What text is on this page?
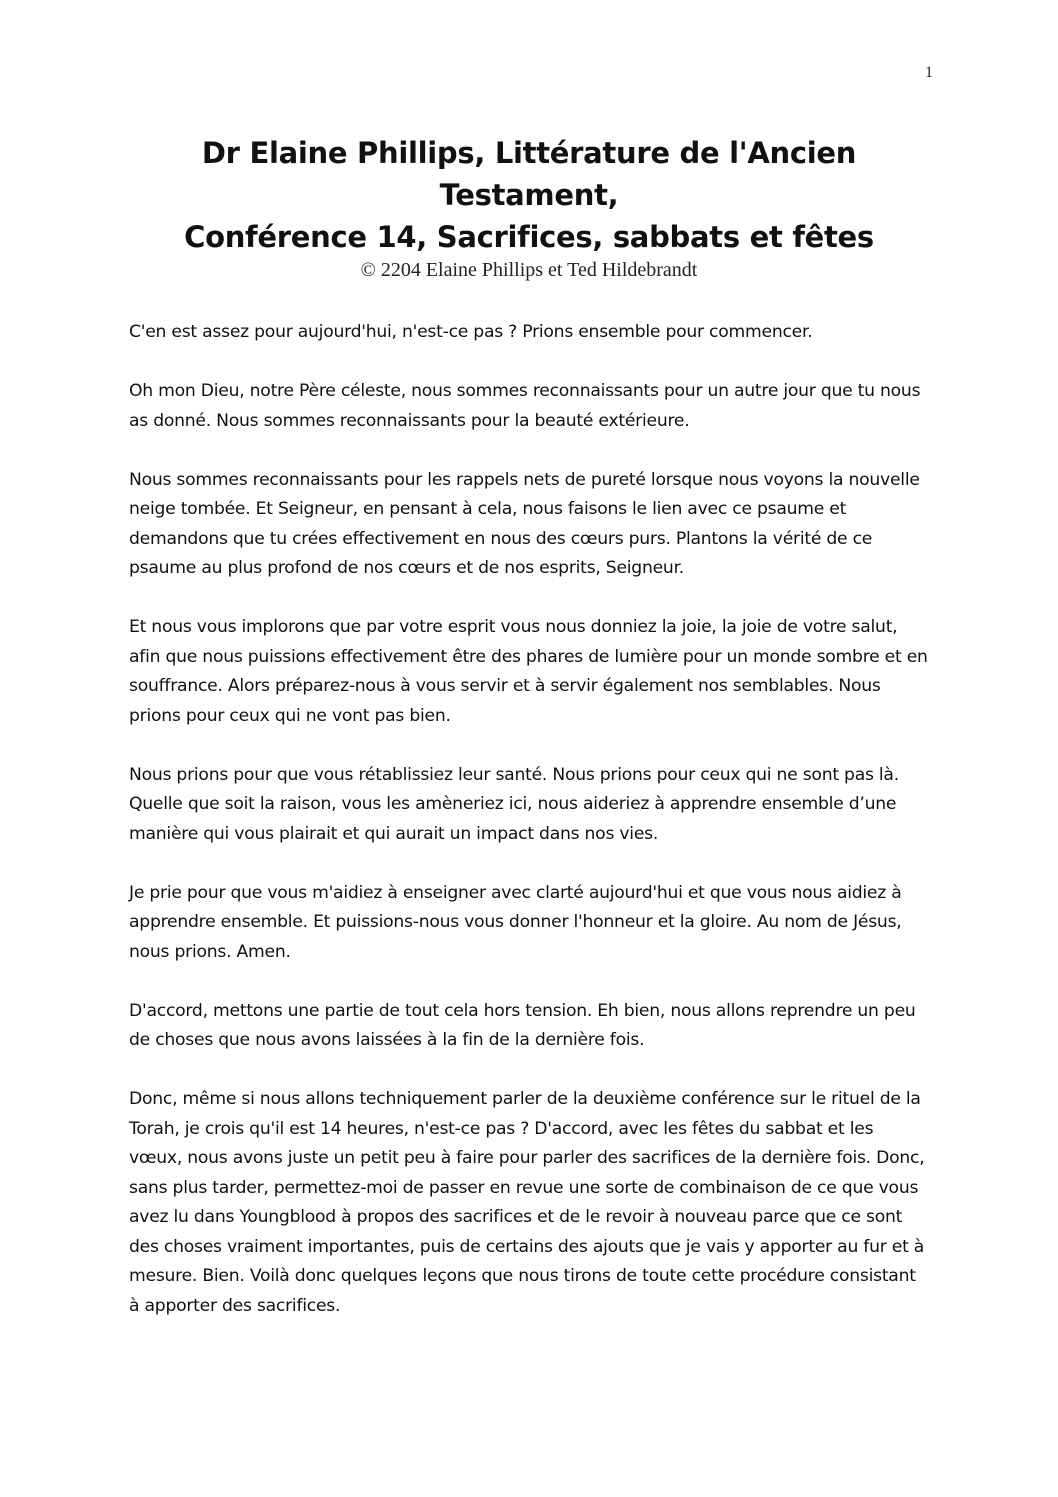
1
Dr Elaine Phillips, Littérature de l'Ancien
Testament,
Conférence 14, Sacrifices, sabbats et fêtes
© 2204 Elaine Phillips et Ted Hildebrandt

C'en est assez pour aujourd'hui, n'est-ce pas ? Prions ensemble pour commencer.

Oh mon Dieu, notre Père céleste, nous sommes reconnaissants pour un autre jour que tu nous as donné. Nous sommes reconnaissants pour la beauté extérieure.

Nous sommes reconnaissants pour les rappels nets de pureté lorsque nous voyons la nouvelle neige tombée. Et Seigneur, en pensant à cela, nous faisons le lien avec ce psaume et demandons que tu crées effectivement en nous des cœurs purs. Plantons la vérité de ce psaume au plus profond de nos cœurs et de nos esprits, Seigneur.

Et nous vous implorons que par votre esprit vous nous donniez la joie, la joie de votre salut, afin que nous puissions effectivement être des phares de lumière pour un monde sombre et en souffrance. Alors préparez-nous à vous servir et à servir également nos semblables. Nous prions pour ceux qui ne vont pas bien.

Nous prions pour que vous rétablissiez leur santé. Nous prions pour ceux qui ne sont pas là. Quelle que soit la raison, vous les amèneriez ici, nous aideriez à apprendre ensemble d’une manière qui vous plairait et qui aurait un impact dans nos vies.

Je prie pour que vous m'aidiez à enseigner avec clarté aujourd'hui et que vous nous aidiez à apprendre ensemble. Et puissions-nous vous donner l'honneur et la gloire. Au nom de Jésus, nous prions. Amen.

D'accord, mettons une partie de tout cela hors tension. Eh bien, nous allons reprendre un peu de choses que nous avons laissées à la fin de la dernière fois.

Donc, même si nous allons techniquement parler de la deuxième conférence sur le rituel de la Torah, je crois qu'il est 14 heures, n'est-ce pas ? D'accord, avec les fêtes du sabbat et les vœux, nous avons juste un petit peu à faire pour parler des sacrifices de la dernière fois. Donc, sans plus tarder, permettez-moi de passer en revue une sorte de combinaison de ce que vous avez lu dans Youngblood à propos des sacrifices et de le revoir à nouveau parce que ce sont des choses vraiment importantes, puis de certains des ajouts que je vais y apporter au fur et à mesure. Bien. Voilà donc quelques leçons que nous tirons de toute cette procédure consistant à apporter des sacrifices.
